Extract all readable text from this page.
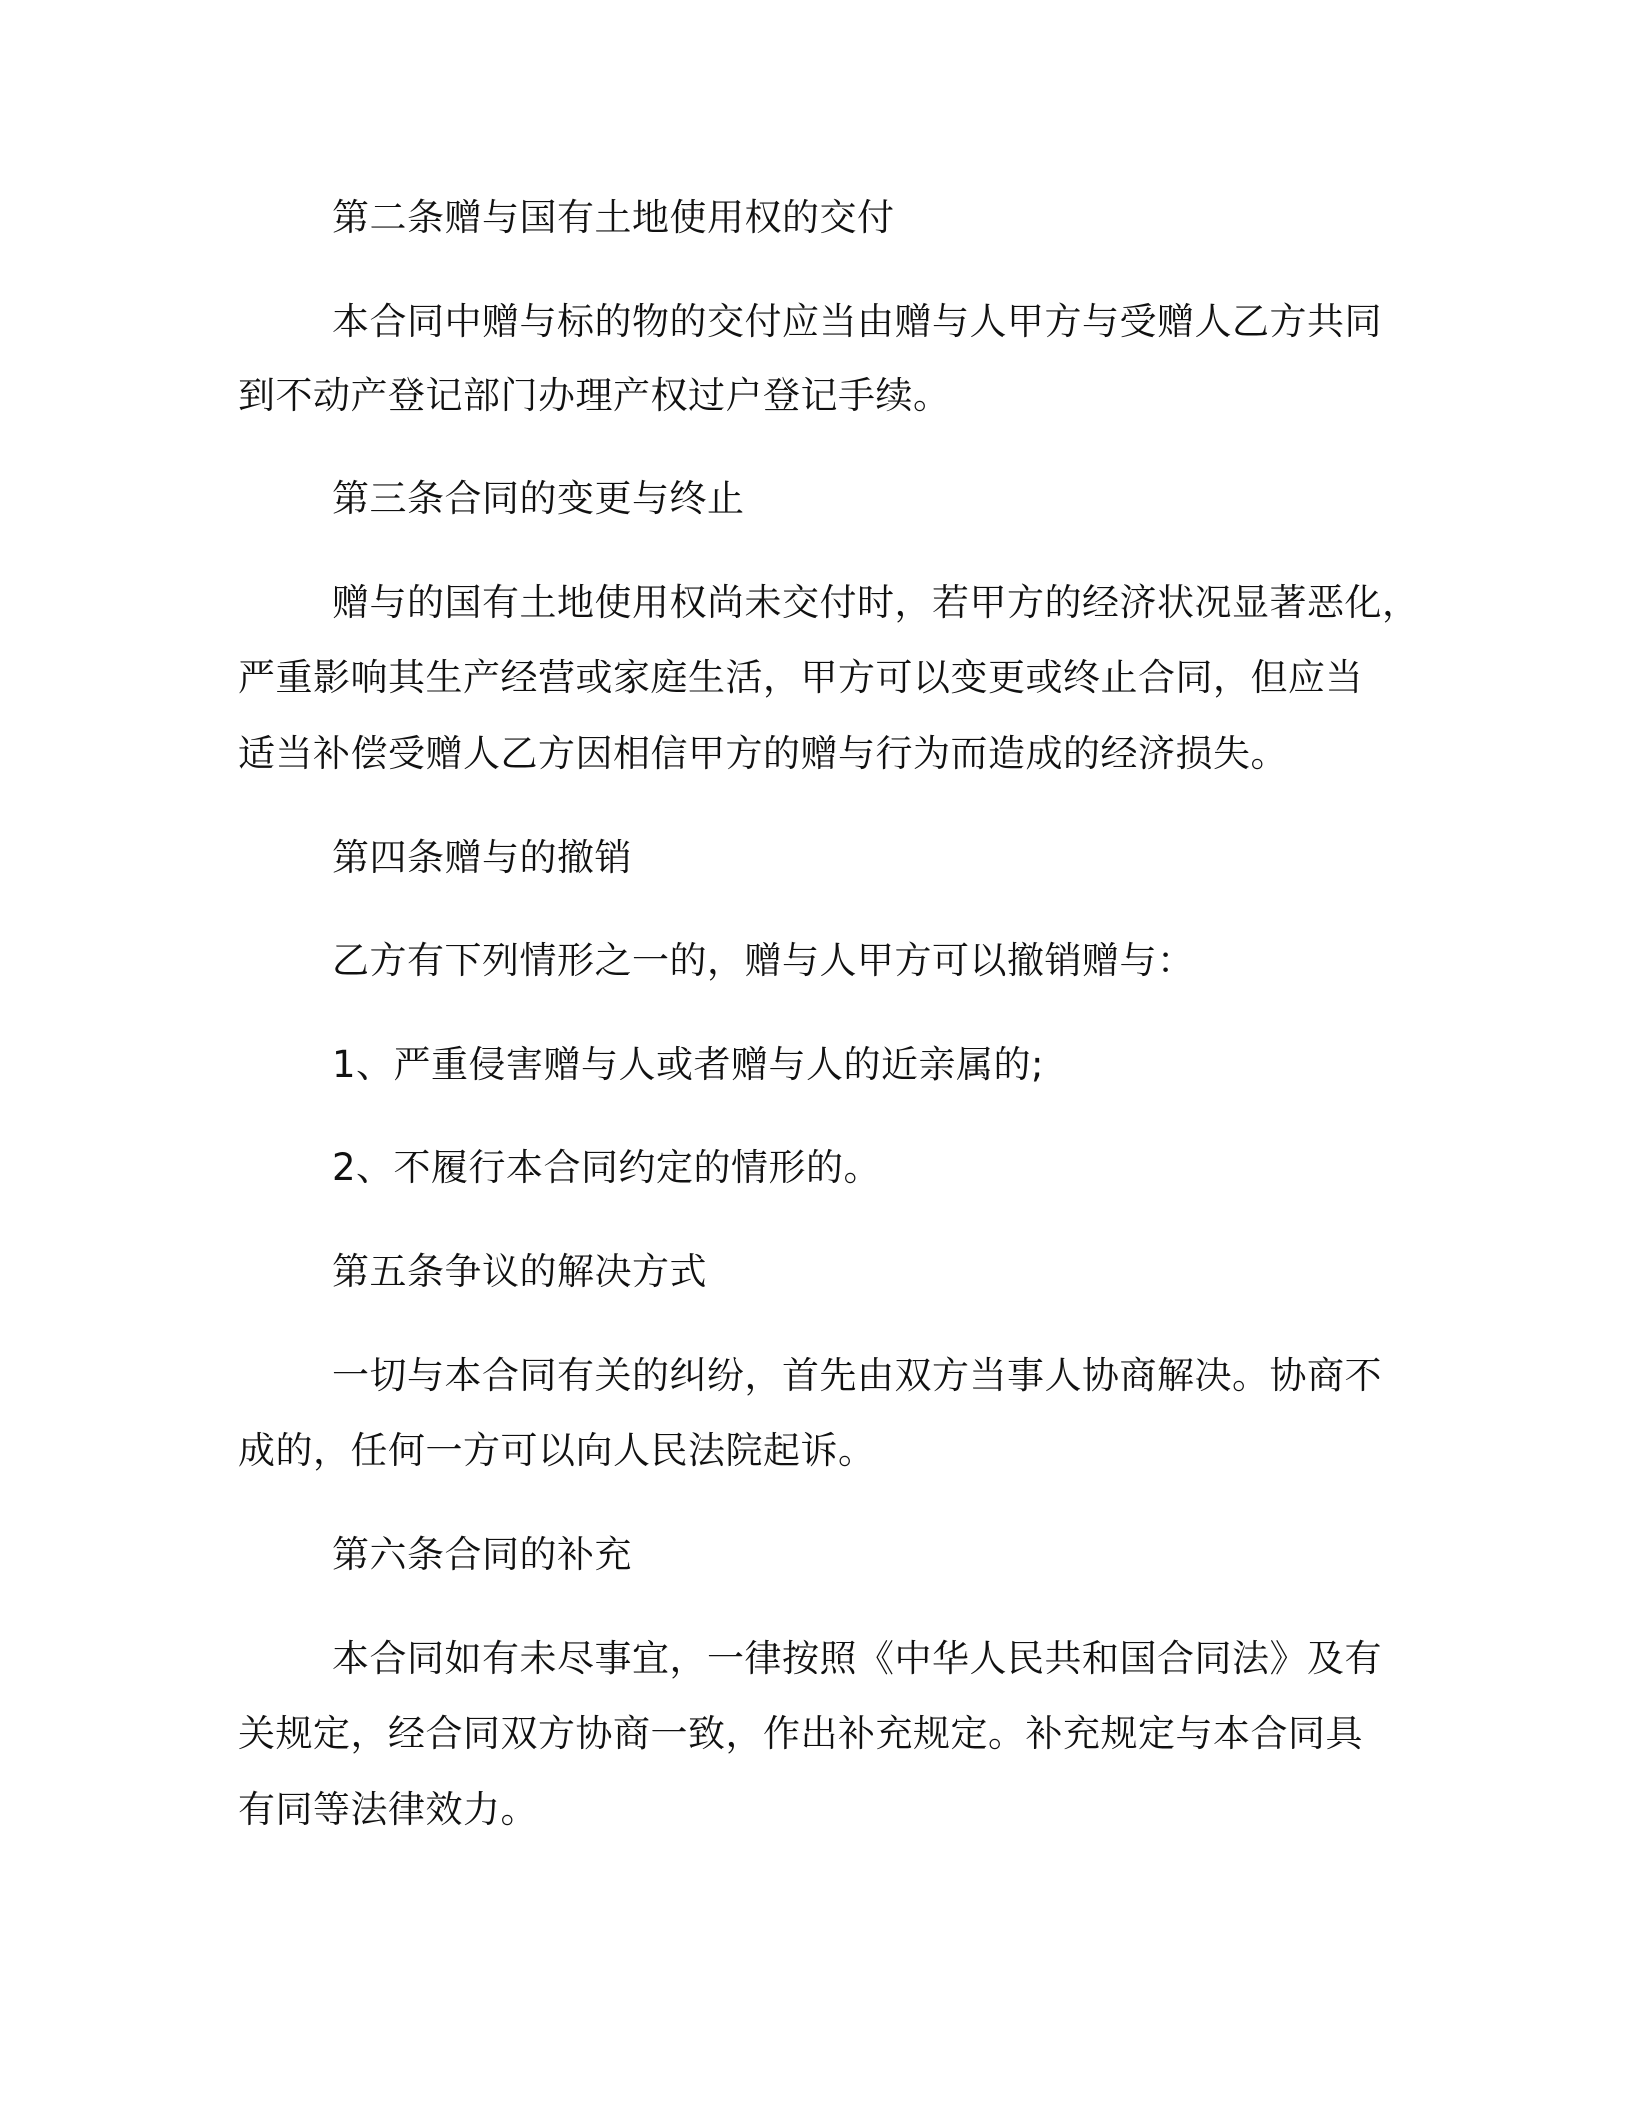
第二条赠与国有土地使用权的交付

本合同中赠与标的物的交付应当由赠与人甲方与受赠人乙方共同

到不动产登记部门办理产权过户登记手续。

第三条合同的变更与终止

赠与的国有土地使用权尚未交付时，若甲方的经济状况显著恶化，

严重影响其生产经营或家庭生活，甲方可以变更或终止合同，但应当

适当补偿受赠人乙方因相信甲方的赠与行为而造成的经济损失。

第四条赠与的撤销

乙方有下列情形之一的，赠与人甲方可以撤销赠与：

1、严重侵害赠与人或者赠与人的近亲属的;

2、不履行本合同约定的情形的。

第五条争议的解决方式

一切与本合同有关的纠纷，首先由双方当事人协商解决。协商不

成的，任何一方可以向人民法院起诉。

第六条合同的补充

本合同如有未尽事宜，一律按照《中华人民共和国合同法》及有

关规定，经合同双方协商一致，作出补充规定。补充规定与本合同具

有同等法律效力。
